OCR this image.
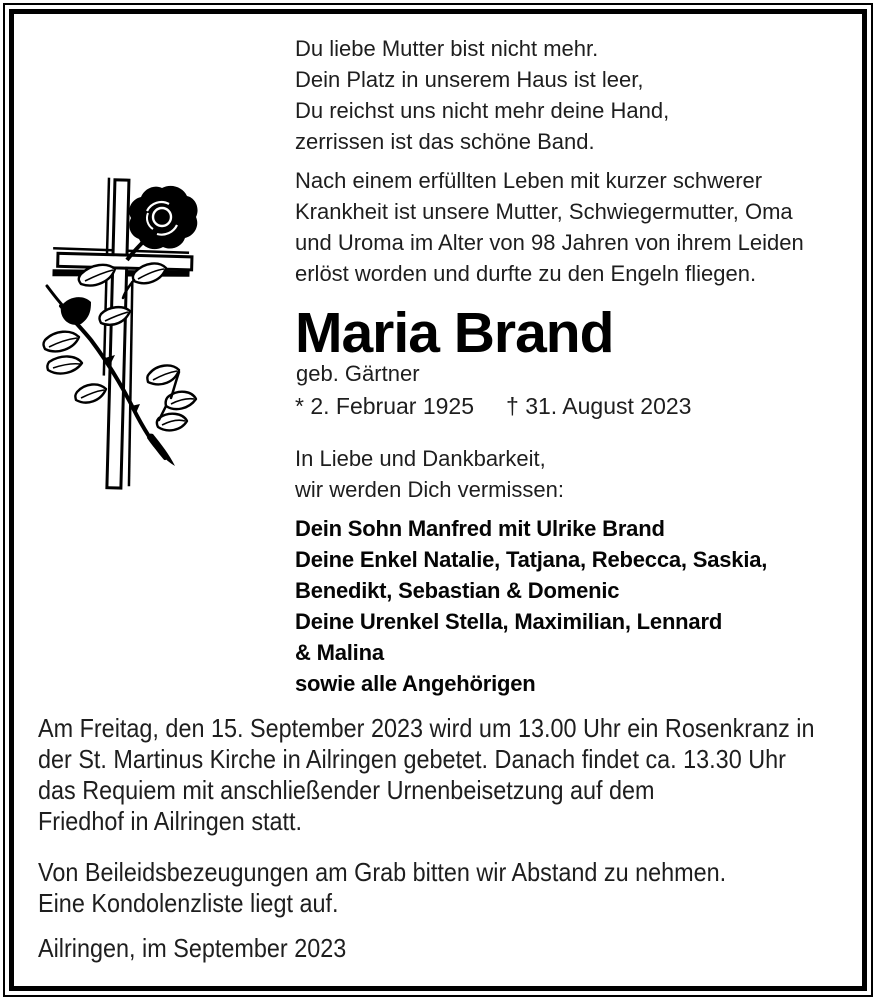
Du liebe Mutter bist nicht mehr.
Dein Platz in unserem Haus ist leer,
Du reichst uns nicht mehr deine Hand,
zerrissen ist das schöne Band.
Nach einem erfüllten Leben mit kurzer schwerer
Krankheit ist unsere Mutter, Schwiegermutter, Oma
und Uroma im Alter von 98 Jahren von ihrem Leiden
erlöst worden und durfte zu den Engeln fliegen.
Maria Brand
geb. Gärtner
* 2. Februar 1925 † 31. August 2023
In Liebe und Dankbarkeit,
wir werden Dich vermissen:
Dein Sohn Manfred mit Ulrike Brand
Deine Enkel Natalie, Tatjana, Rebecca, Saskia,
Benedikt, Sebastian & Domenic
Deine Urenkel Stella, Maximilian, Lennard
& Malina
sowie alle Angehörigen
Am Freitag, den 15. September 2023 wird um 13.00 Uhr ein Rosenkranz in
der St. Martinus Kirche in Ailringen gebetet. Danach findet ca. 13.30 Uhr
das Requiem mit anschließender Urnenbeisetzung auf dem
Friedhof in Ailringen statt.
Von Beileidsbezeugungen am Grab bitten wir Abstand zu nehmen.
Eine Kondolenzliste liegt auf.
Ailringen, im September 2023
